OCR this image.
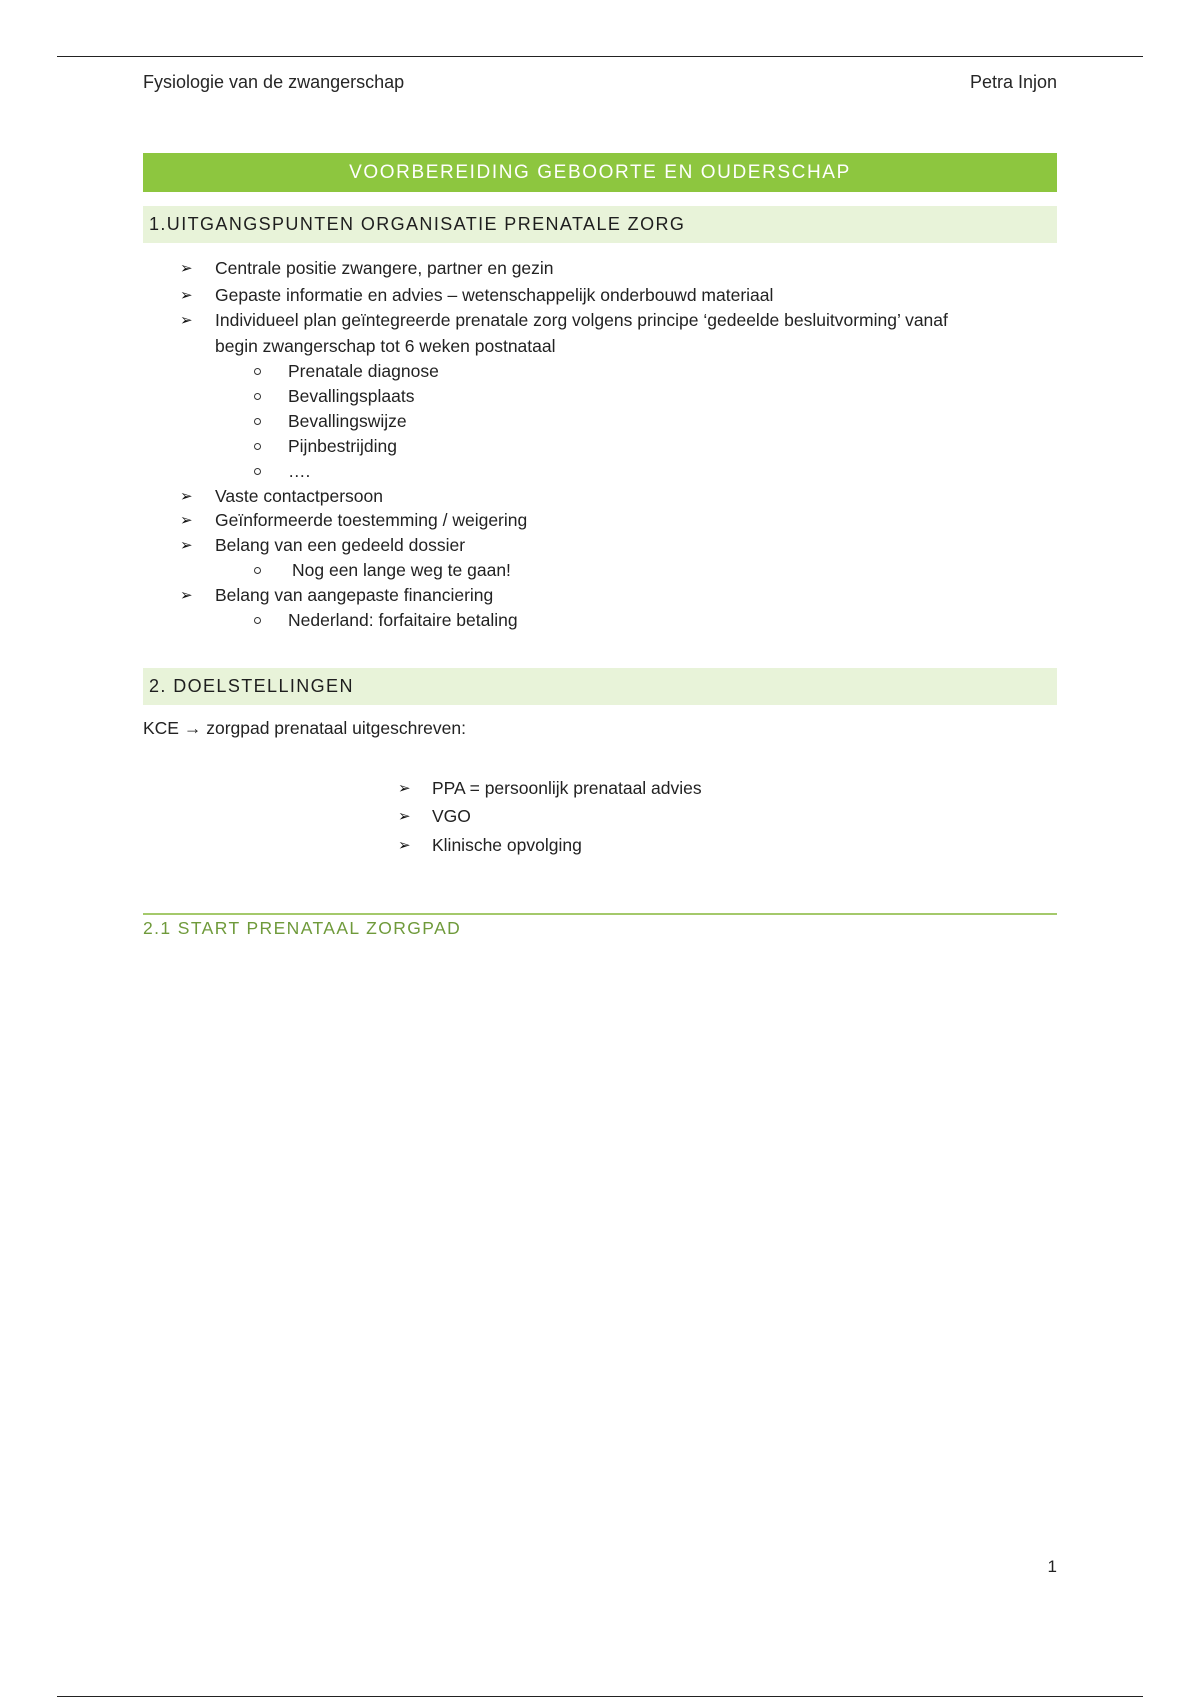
Fysiologie van de zwangerschap	Petra Injon
VOORBEREIDING GEBOORTE EN OUDERSCHAP
1.UITGANGSPUNTEN ORGANISATIE PRENATALE ZORG
➢ Centrale positie zwangere, partner en gezin
➢ Gepaste informatie en advies – wetenschappelijk onderbouwd materiaal
➢ Individueel plan geïntegreerde prenatale zorg volgens principe ‘gedeelde besluitvorming’ vanaf
begin zwangerschap tot 6 weken postnataal
Prenatale diagnose
Bevallingsplaats
Bevallingswijze
Pijnbestrijding
….
➢ Vaste contactpersoon
➢ Geïnformeerde toestemming / weigering
➢ Belang van een gedeeld dossier
Nog een lange weg te gaan!
➢ Belang van aangepaste financiering
Nederland: forfaitaire betaling
2. DOELSTELLINGEN
KCE → zorgpad prenataal uitgeschreven:
➢ PPA = persoonlijk prenataal advies
➢ VGO
➢ Klinische opvolging
2.1 START PRENATAAL ZORGPAD
1
